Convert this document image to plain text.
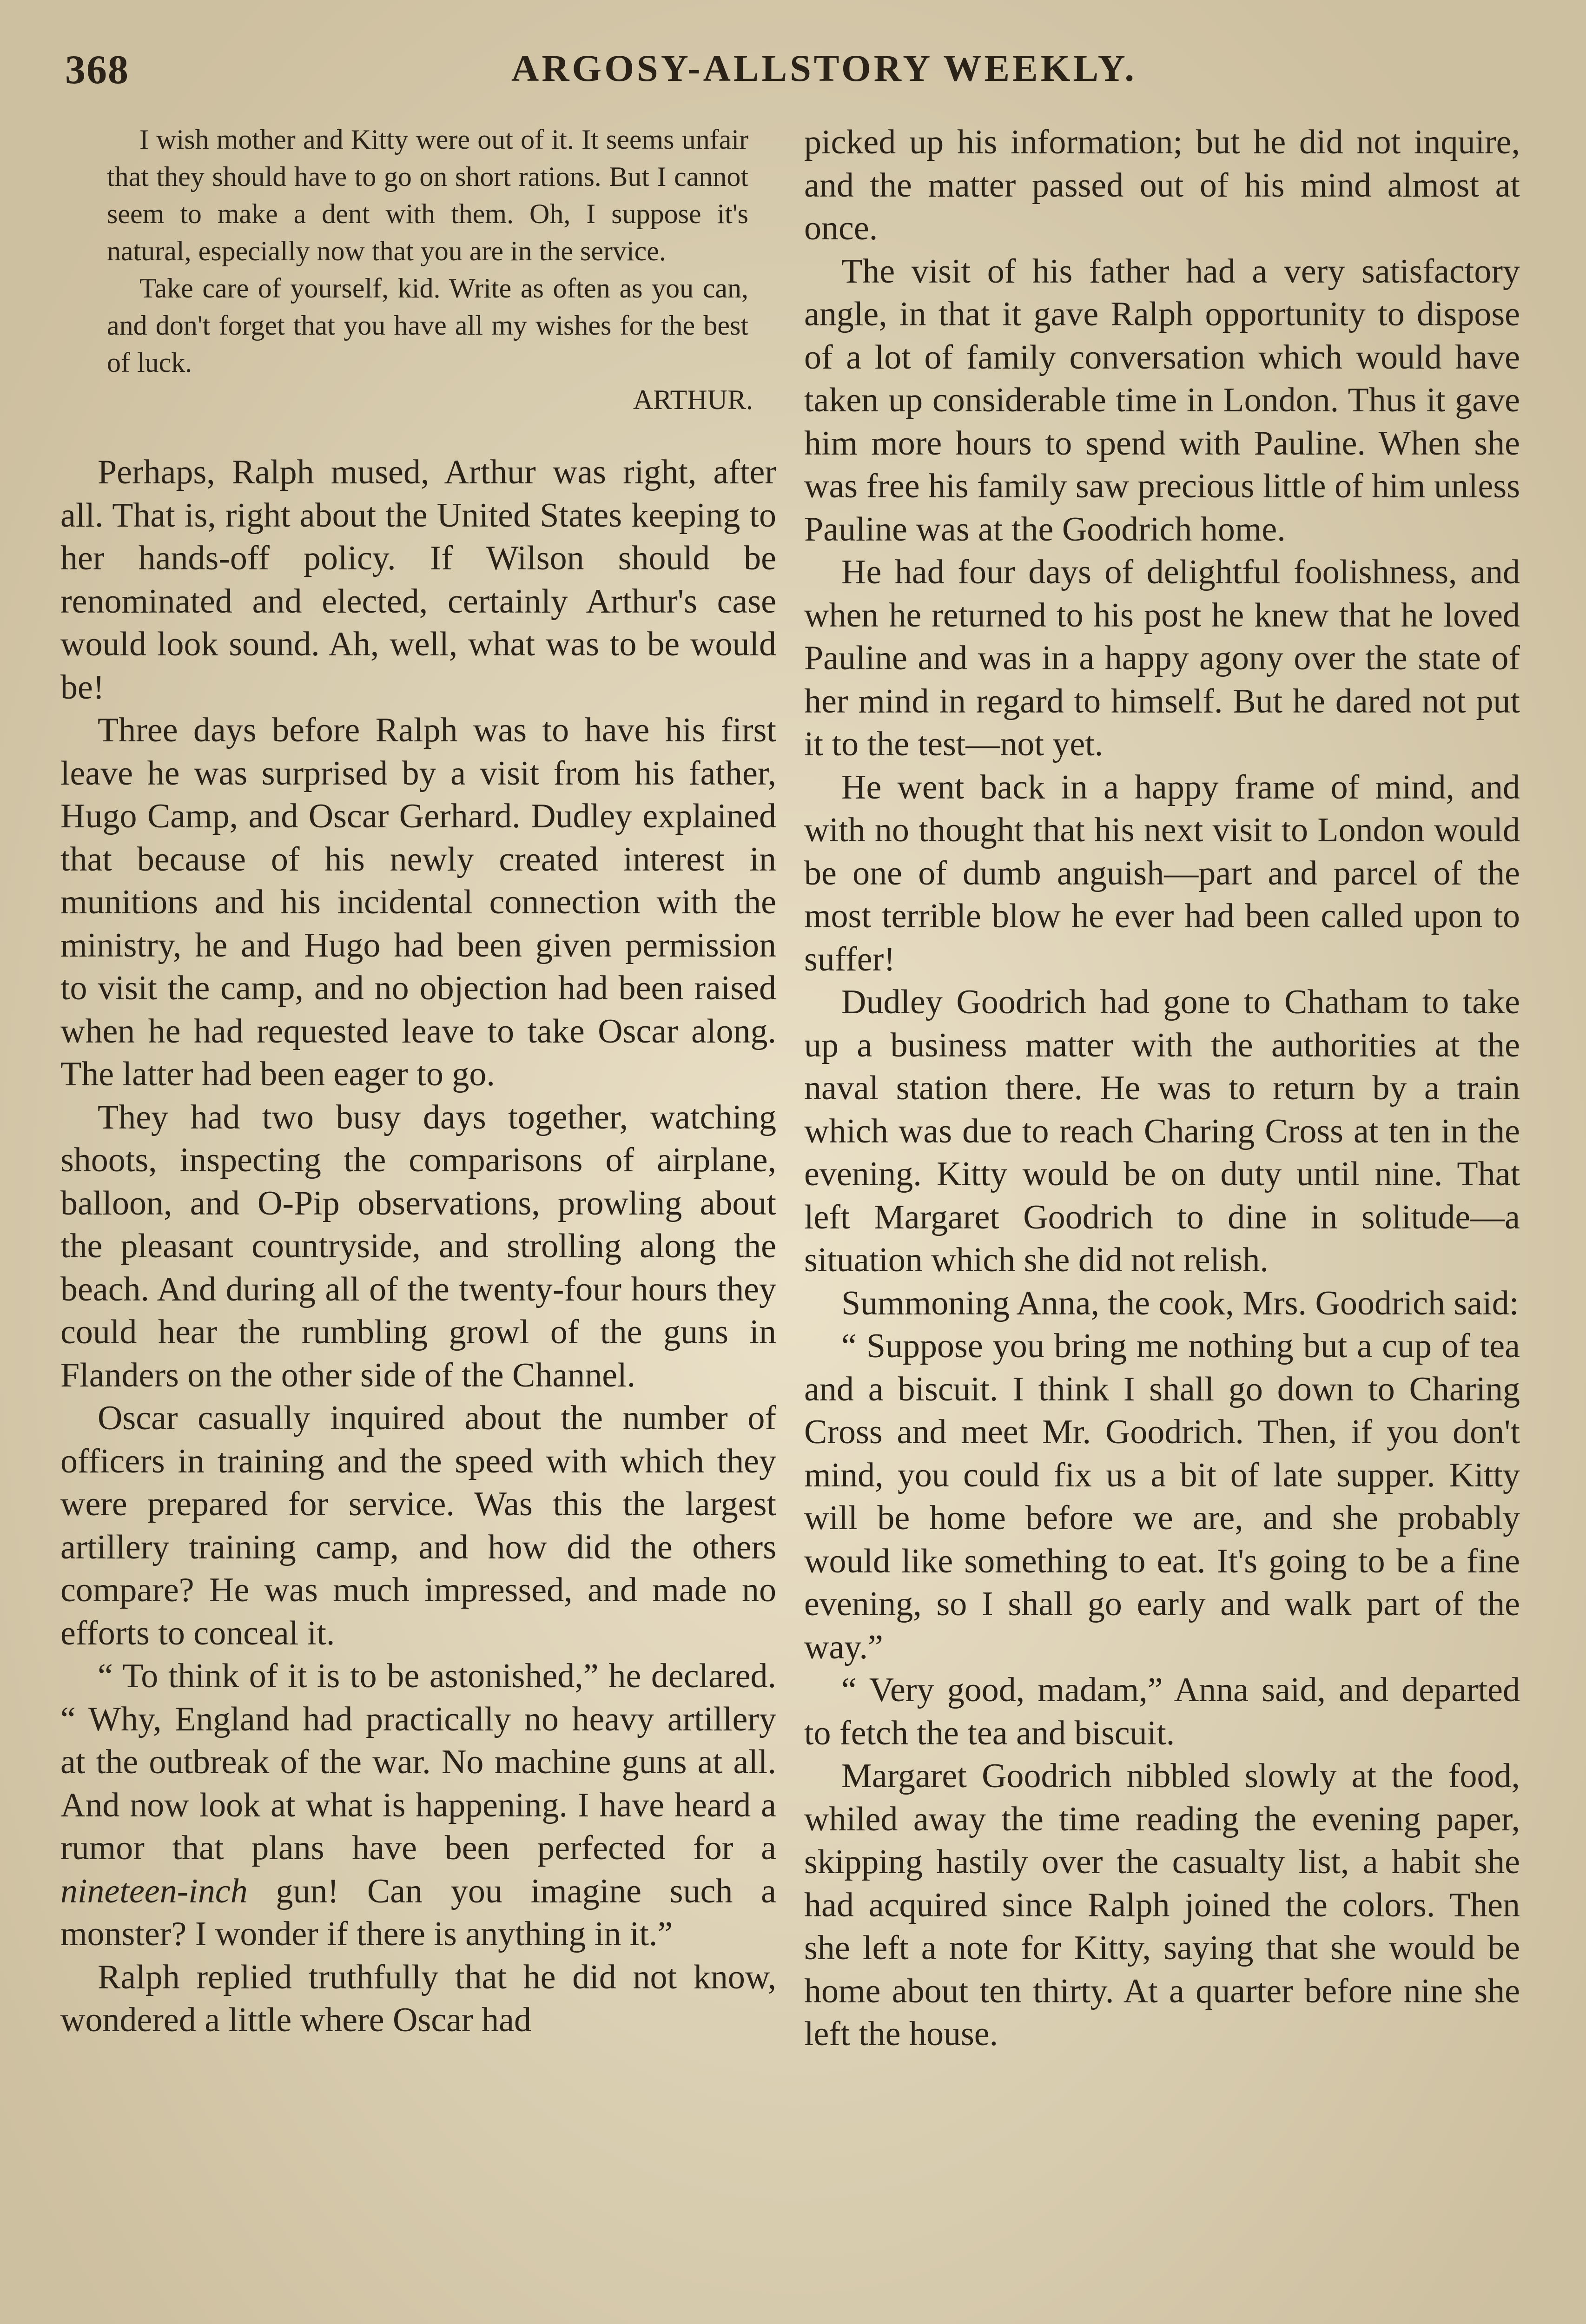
368	ARGOSY-ALLSTORY WEEKLY.

I wish mother and Kitty were out of it. It seems unfair that they should have to go on short rations. But I cannot seem to make a dent with them. Oh, I suppose it's natural, especially now that you are in the service.

Take care of yourself, kid. Write as often as you can, and don't forget that you have all my wishes for the best of luck.

ARTHUR.

Perhaps, Ralph mused, Arthur was right, after all. That is, right about the United States keeping to her hands-off policy. If Wilson should be renominated and elected, certainly Arthur's case would look sound. Ah, well, what was to be would be!

Three days before Ralph was to have his first leave he was surprised by a visit from his father, Hugo Camp, and Oscar Gerhard. Dudley explained that because of his newly created interest in munitions and his incidental connection with the ministry, he and Hugo had been given permission to visit the camp, and no objection had been raised when he had requested leave to take Oscar along. The latter had been eager to go.

They had two busy days together, watching shoots, inspecting the comparisons of airplane, balloon, and O-Pip observations, prowling about the pleasant countryside, and strolling along the beach. And during all of the twenty-four hours they could hear the rumbling growl of the guns in Flanders on the other side of the Channel.

Oscar casually inquired about the number of officers in training and the speed with which they were prepared for service. Was this the largest artillery training camp, and how did the others compare? He was much impressed, and made no efforts to conceal it.

“ To think of it is to be astonished,” he declared. “ Why, England had practically no heavy artillery at the outbreak of the war. No machine guns at all. And now look at what is happening. I have heard a rumor that plans have been perfected for a nineteen-inch gun! Can you imagine such a monster? I wonder if there is anything in it.”

Ralph replied truthfully that he did not know, wondered a little where Oscar had

picked up his information; but he did not inquire, and the matter passed out of his mind almost at once.

The visit of his father had a very satisfactory angle, in that it gave Ralph opportunity to dispose of a lot of family conversation which would have taken up considerable time in London. Thus it gave him more hours to spend with Pauline. When she was free his family saw precious little of him unless Pauline was at the Goodrich home.

He had four days of delightful foolishness, and when he returned to his post he knew that he loved Pauline and was in a happy agony over the state of her mind in regard to himself. But he dared not put it to the test—not yet.

He went back in a happy frame of mind, and with no thought that his next visit to London would be one of dumb anguish—part and parcel of the most terrible blow he ever had been called upon to suffer!

Dudley Goodrich had gone to Chatham to take up a business matter with the authorities at the naval station there. He was to return by a train which was due to reach Charing Cross at ten in the evening. Kitty would be on duty until nine. That left Margaret Goodrich to dine in solitude—a situation which she did not relish.

Summoning Anna, the cook, Mrs. Goodrich said:

“ Suppose you bring me nothing but a cup of tea and a biscuit. I think I shall go down to Charing Cross and meet Mr. Goodrich. Then, if you don't mind, you could fix us a bit of late supper. Kitty will be home before we are, and she probably would like something to eat. It's going to be a fine evening, so I shall go early and walk part of the way.”

“ Very good, madam,” Anna said, and departed to fetch the tea and biscuit.

Margaret Goodrich nibbled slowly at the food, whiled away the time reading the evening paper, skipping hastily over the casualty list, a habit she had acquired since Ralph joined the colors. Then she left a note for Kitty, saying that she would be home about ten thirty. At a quarter before nine she left the house.
